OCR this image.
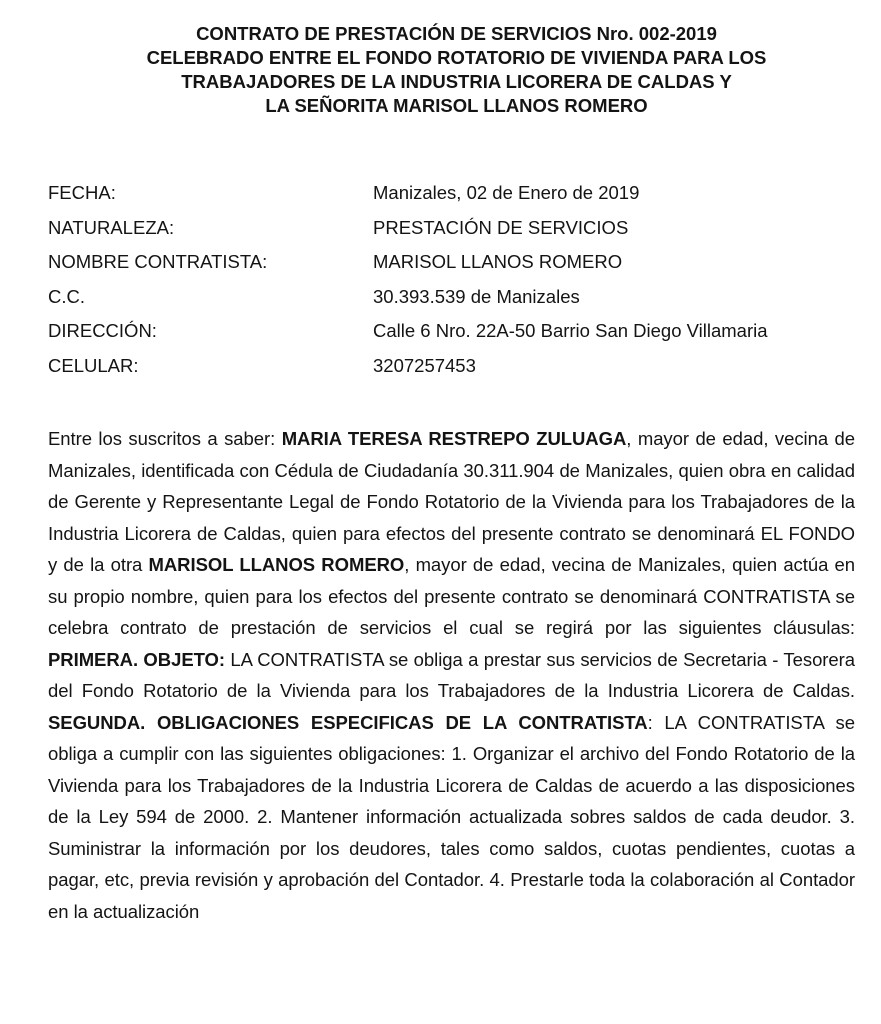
CONTRATO DE PRESTACIÓN DE SERVICIOS Nro. 002-2019
CELEBRADO ENTRE EL FONDO ROTATORIO DE VIVIENDA PARA LOS
TRABAJADORES DE LA INDUSTRIA LICORERA DE CALDAS Y
LA SEÑORITA MARISOL LLANOS ROMERO
FECHA:	Manizales, 02 de Enero de 2019
NATURALEZA:	PRESTACIÓN DE SERVICIOS
NOMBRE CONTRATISTA:	MARISOL LLANOS ROMERO
C.C.	30.393.539 de Manizales
DIRECCIÓN:	Calle 6 Nro. 22A-50 Barrio San Diego Villamaria
CELULAR:	3207257453

Entre los suscritos a saber: MARIA TERESA RESTREPO ZULUAGA, mayor de edad, vecina de Manizales, identificada con Cédula de Ciudadanía 30.311.904 de Manizales, quien obra en calidad de Gerente y Representante Legal de Fondo Rotatorio de la Vivienda para los Trabajadores de la Industria Licorera de Caldas, quien para efectos del presente contrato se denominará EL FONDO y de la otra MARISOL LLANOS ROMERO, mayor de edad, vecina de Manizales, quien actúa en su propio nombre, quien para los efectos del presente contrato se denominará CONTRATISTA se celebra contrato de prestación de servicios el cual se regirá por las siguientes cláusulas: PRIMERA. OBJETO: LA CONTRATISTA se obliga a prestar sus servicios de Secretaria - Tesorera del Fondo Rotatorio de la Vivienda para los Trabajadores de la Industria Licorera de Caldas. SEGUNDA. OBLIGACIONES ESPECIFICAS DE LA CONTRATISTA: LA CONTRATISTA se obliga a cumplir con las siguientes obligaciones: 1. Organizar el archivo del Fondo Rotatorio de la Vivienda para los Trabajadores de la Industria Licorera de Caldas de acuerdo a las disposiciones de la Ley 594 de 2000. 2. Mantener información actualizada sobres saldos de cada deudor. 3. Suministrar la información por los deudores, tales como saldos, cuotas pendientes, cuotas a pagar, etc, previa revisión y aprobación del Contador. 4. Prestarle toda la colaboración al Contador en la actualización
